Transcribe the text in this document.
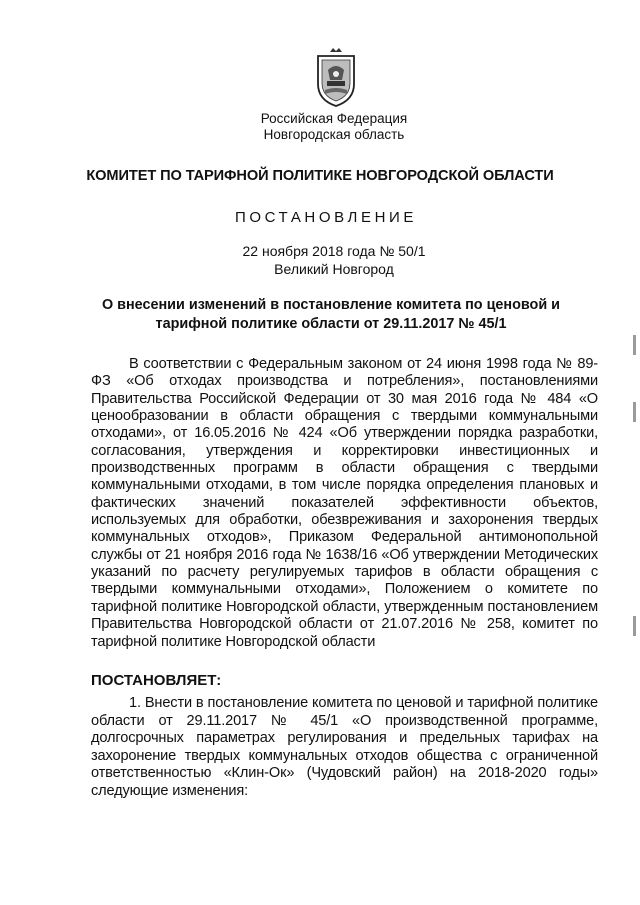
Российская Федерация
Новгородская область
КОМИТЕТ ПО ТАРИФНОЙ ПОЛИТИКЕ НОВГОРОДСКОЙ ОБЛАСТИ
ПОСТАНОВЛЕНИЕ
22 ноября 2018 года № 50/1
Великий Новгород
О внесении изменений в постановление комитета по ценовой и тарифной политике области от 29.11.2017 № 45/1
В соответствии с Федеральным законом от 24 июня 1998 года № 89-ФЗ «Об отходах производства и потребления», постановлениями Правительства Российской Федерации от 30 мая 2016 года № 484 «О ценообразовании в области обращения с твердыми коммунальными отходами», от 16.05.2016 № 424 «Об утверждении порядка разработки, согласования, утверждения и корректировки инвестиционных и производственных программ в области обращения с твердыми коммунальными отходами, в том числе порядка определения плановых и фактических значений показателей эффективности объектов, используемых для обработки, обезвреживания и захоронения твердых коммунальных отходов», Приказом Федеральной антимонопольной службы от 21 ноября 2016 года № 1638/16 «Об утверждении Методических указаний по расчету регулируемых тарифов в области обращения с твердыми коммунальными отходами», Положением о комитете по тарифной политике Новгородской области, утвержденным постановлением Правительства Новгородской области от 21.07.2016 № 258, комитет по тарифной политике Новгородской области
ПОСТАНОВЛЯЕТ:
1. Внести в постановление комитета по ценовой и тарифной политике области от 29.11.2017 № 45/1 «О производственной программе, долгосрочных параметрах регулирования и предельных тарифах на захоронение твердых коммунальных отходов общества с ограниченной ответственностью «Клин-Ок» (Чудовский район) на 2018-2020 годы» следующие изменения:
